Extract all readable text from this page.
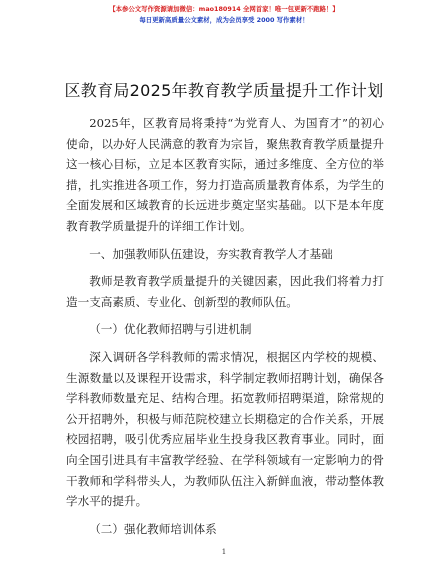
【本参公文写作资源请加微信：mao180914 全网首家！唯一包更新不跑路！】
每日更新高质量公文素材，成为会员享受 2000 写作素材！
区教育局2025年教育教学质量提升工作计划

2025年，区教育局将秉持“为党育人、为国育才”的初心使命，以办好人民满意的教育为宗旨，聚焦教育教学质量提升这一核心目标，立足本区教育实际，通过多维度、全方位的举措，扎实推进各项工作，努力打造高质量教育体系，为学生的全面发展和区域教育的长远进步奠定坚实基础。以下是本年度教育教学质量提升的详细工作计划。

一、加强教师队伍建设，夯实教育教学人才基础

教师是教育教学质量提升的关键因素，因此我们将着力打造一支高素质、专业化、创新型的教师队伍。

（一）优化教师招聘与引进机制

深入调研各学科教师的需求情况，根据区内学校的规模、生源数量以及课程开设需求，科学制定教师招聘计划，确保各学科教师数量充足、结构合理。拓宽教师招聘渠道，除常规的公开招聘外，积极与师范院校建立长期稳定的合作关系，开展校园招聘，吸引优秀应届毕业生投身我区教育事业。同时，面向全国引进具有丰富教学经验、在学科领域有一定影响力的骨干教师和学科带头人，为教师队伍注入新鲜血液，带动整体教学水平的提升。

（二）强化教师培训体系

1
